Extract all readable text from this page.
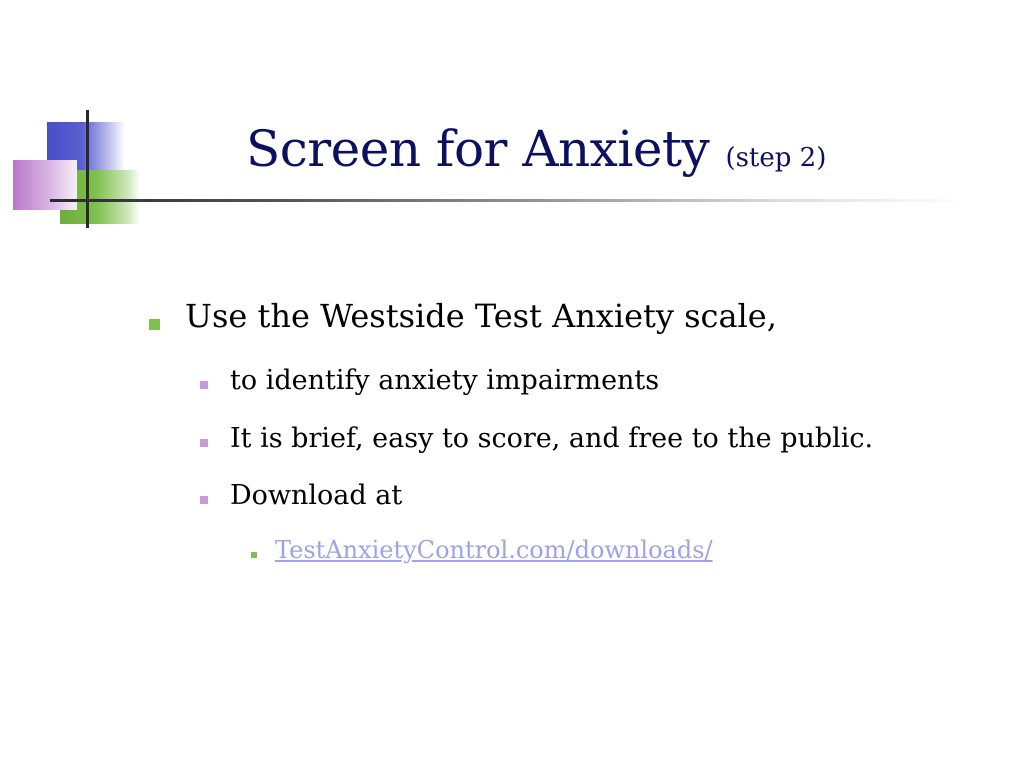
Screen for Anxiety (step 2)
Use the Westside Test Anxiety scale,
to identify anxiety impairments
It is brief, easy to score, and free to the public.
Download at
TestAnxietyControl.com/downloads/
